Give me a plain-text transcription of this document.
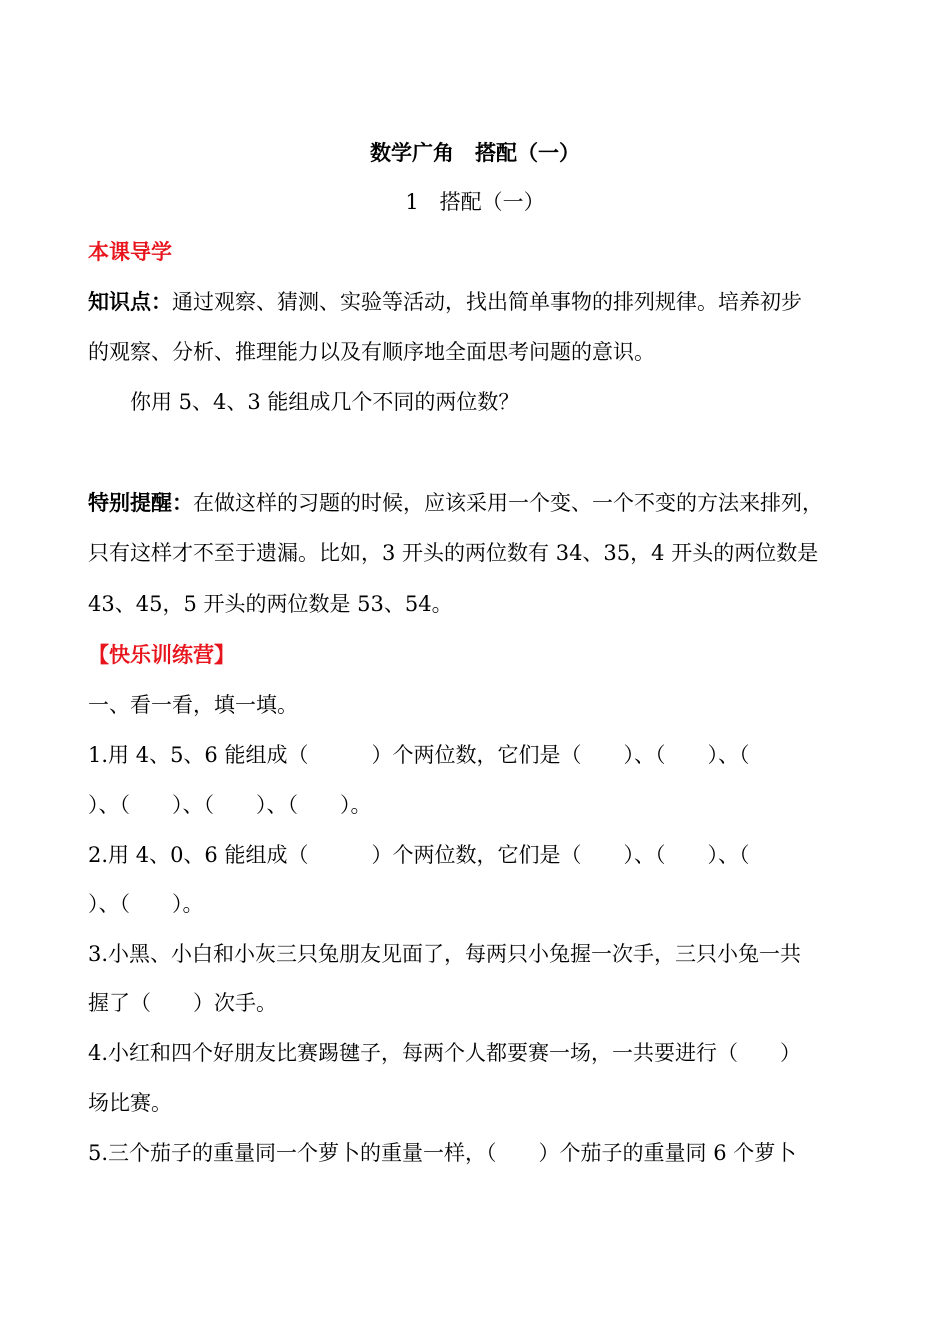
数学广角　搭配（一）
1　搭配（一）
本课导学
知识点：通过观察、猜测、实验等活动，找出简单事物的排列规律。培养初步
的观察、分析、推理能力以及有顺序地全面思考问题的意识。
你用 5、4、3 能组成几个不同的两位数？
特别提醒：在做这样的习题的时候，应该采用一个变、一个不变的方法来排列，
只有这样才不至于遗漏。比如，3 开头的两位数有 34、35，4 开头的两位数是
43、45，5 开头的两位数是 53、54。
【快乐训练营】
一、看一看，填一填。
1.用 4、5、6 能组成（　　　）个两位数，它们是（　　）、（　　）、（
）、（　　）、（　　）、（　　）。
2.用 4、0、6 能组成（　　　）个两位数，它们是（　　）、（　　）、（
）、（　　）。
3.小黑、小白和小灰三只兔朋友见面了，每两只小兔握一次手，三只小兔一共
握了（　　）次手。
4.小红和四个好朋友比赛踢毽子，每两个人都要赛一场，一共要进行（　　）
场比赛。
5.三个茄子的重量同一个萝卜的重量一样，（　　）个茄子的重量同 6 个萝卜
